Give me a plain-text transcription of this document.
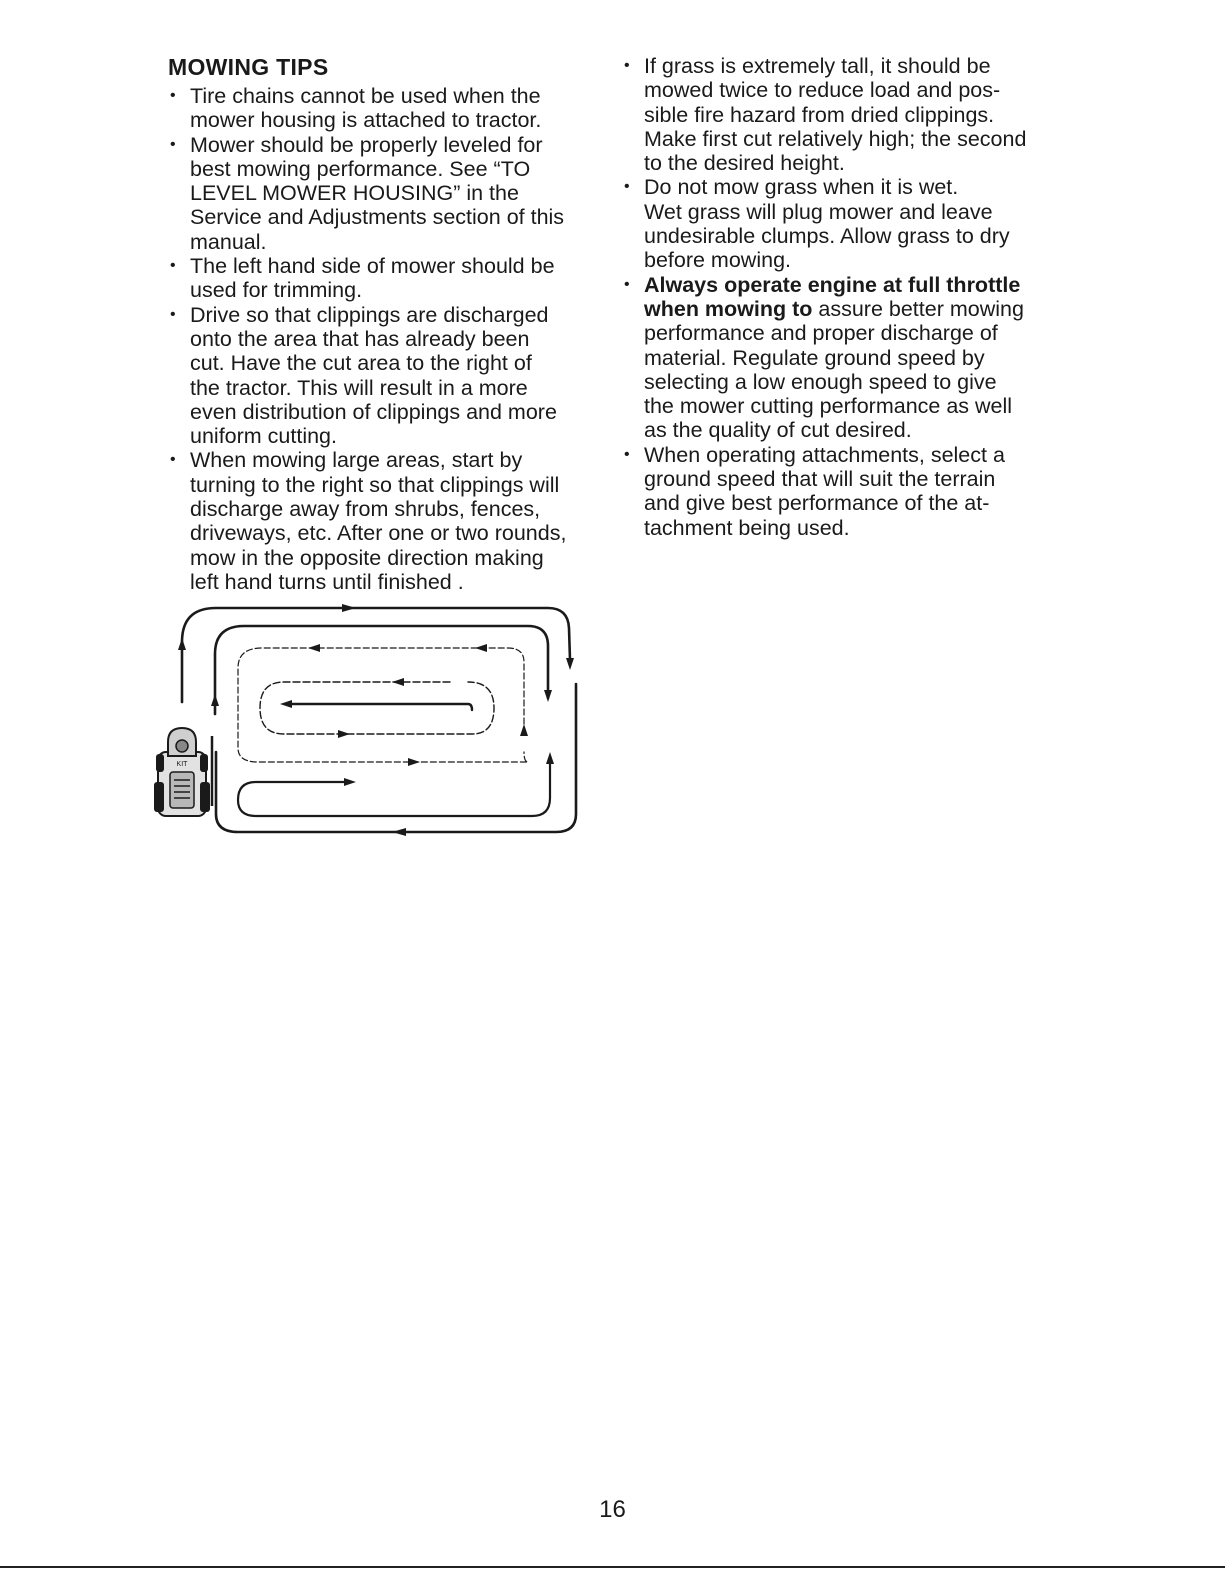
MOWING TIPS
• Tire chains cannot be used when the
mower housing is attached to tractor.
• Mower should be properly leveled for
best mowing performance. See “TO
LEVEL MOWER HOUSING” in the
Service and Adjustments section of this
manual.
• The left hand side of mower should be
used for trimming.
• Drive so that clippings are discharged
onto the area that has already been
cut. Have the cut area to the right of
the tractor. This will result in a more
even distribution of clippings and more
uniform cutting.
• When mowing large areas, start by
turning to the right so that clippings will
discharge away from shrubs, fences,
driveways, etc. After one or two rounds,
mow in the opposite direction making
left hand turns until finished .
• If grass is extremely tall, it should be
mowed twice to reduce load and pos-
sible fire hazard from dried clippings.
Make first cut relatively high; the second
to the desired height.
• Do not mow grass when it is wet.
Wet grass will plug mower and leave
undesirable clumps. Allow grass to dry
before mowing.
• Always operate engine at full throttle
when mowing to assure better mowing
performance and proper discharge of
material. Regulate ground speed by
selecting a low enough speed to give
the mower cutting performance as well
as the quality of cut desired.
• When operating attachments, select a
ground speed that will suit the terrain
and give best performance of the at-
tachment being used.
KIT
16
